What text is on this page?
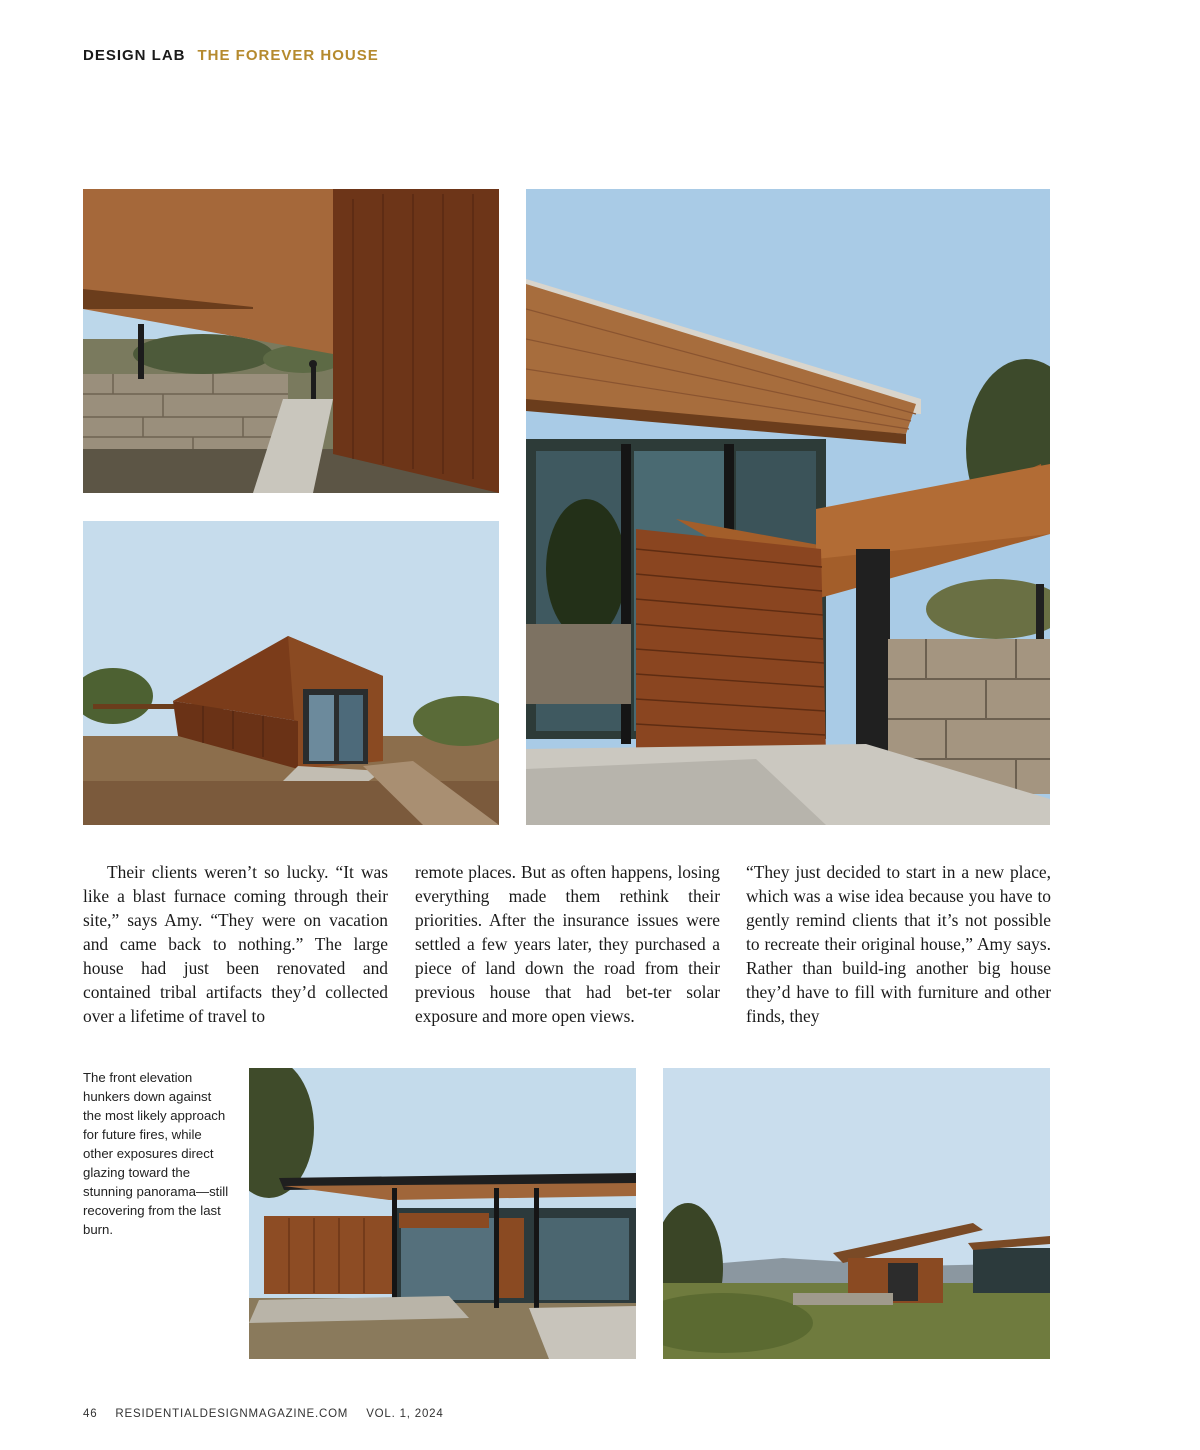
DESIGN LAB THE FOREVER HOUSE

Their clients weren’t so lucky. “It was like a blast furnace coming through their site,” says Amy. “They were on vacation and came back to nothing.” The large house had just been renovated and contained tribal artifacts they’d collected over a lifetime of travel to

remote places. But as often happens, losing everything made them rethink their priorities. After the insurance issues were settled a few years later, they purchased a piece of land down the road from their previous house that had bet-ter solar exposure and more open views.

“They just decided to start in a new place, which was a wise idea because you have to gently remind clients that it’s not possible to recreate their original house,” Amy says. Rather than build-ing another big house they’d have to fill with furniture and other finds, they

The front elevation hunkers down against the most likely approach for future fires, while other exposures direct glazing toward the stunning panorama—still recovering from the last burn.
46 RESIDENTIALDESIGNMAGAZINE.COM VOL. 1, 2024
